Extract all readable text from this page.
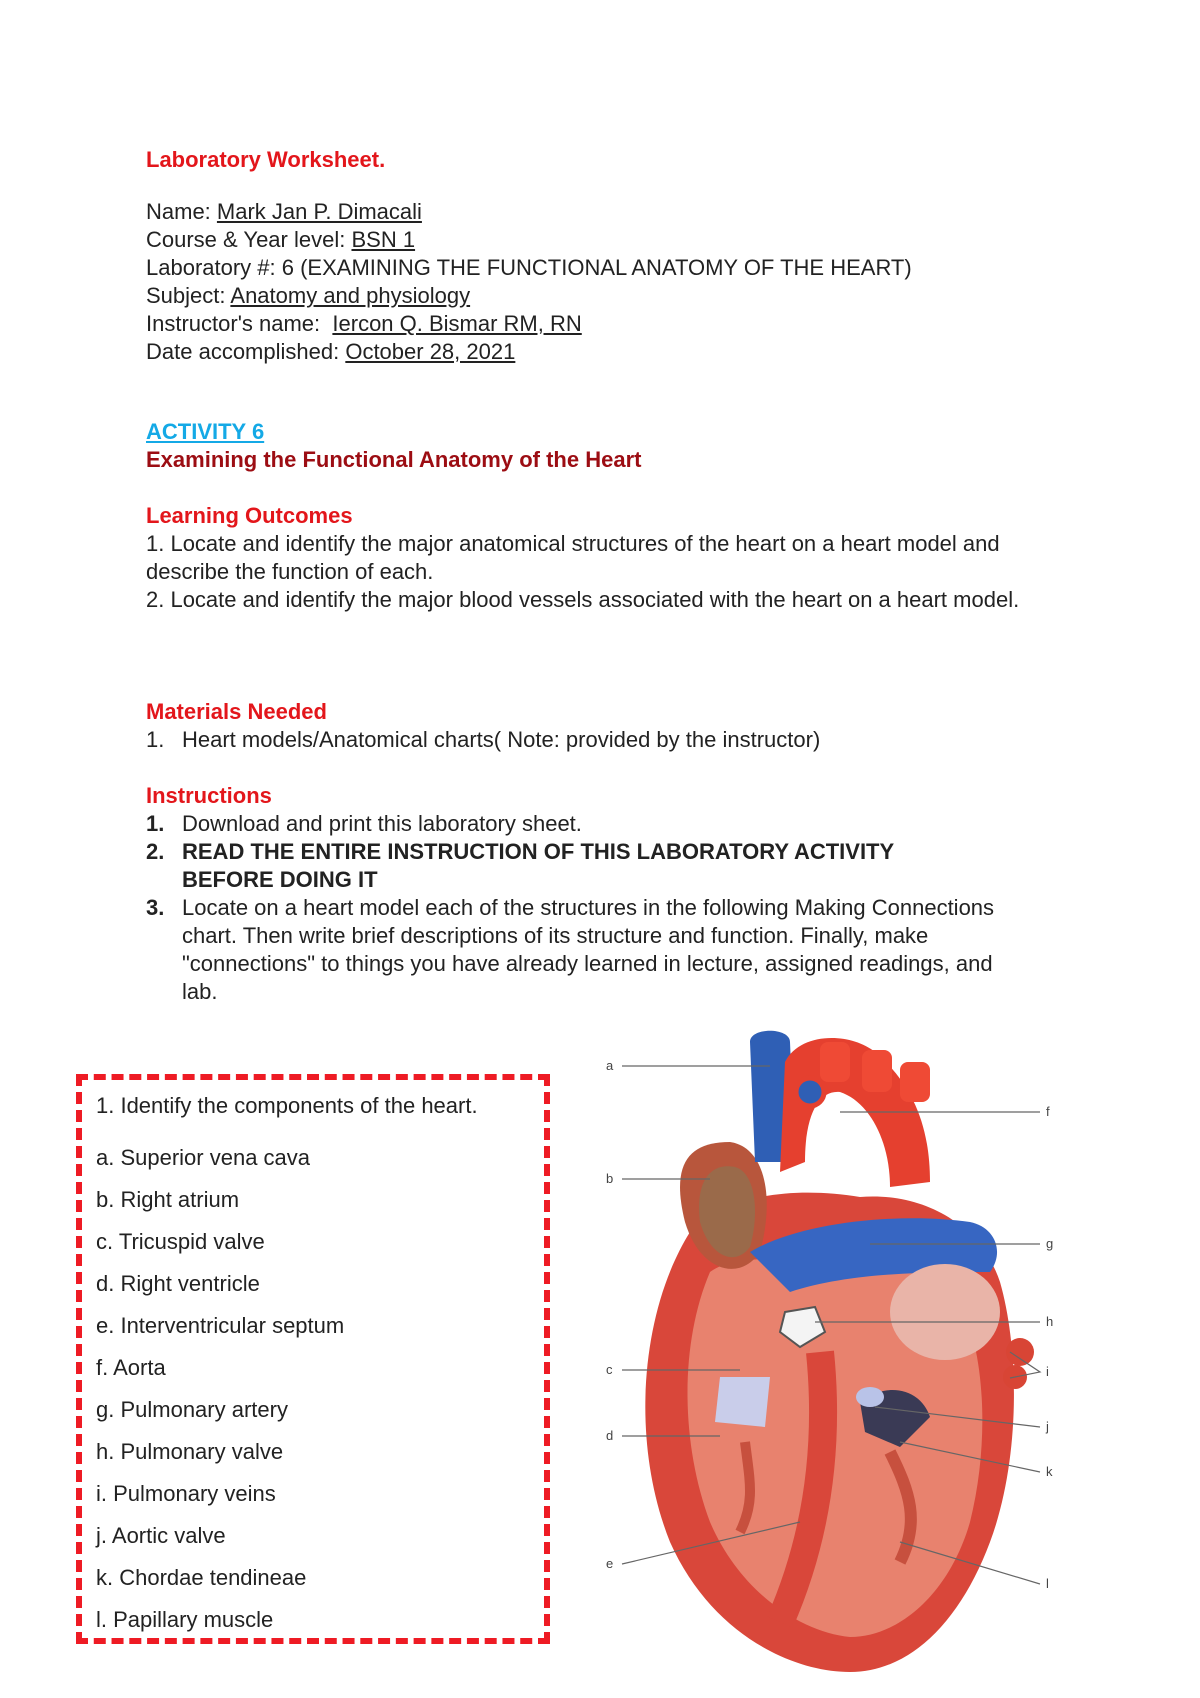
Laboratory Worksheet.
Name: Mark Jan P. Dimacali
Course & Year level: BSN 1
Laboratory #: 6 (EXAMINING THE FUNCTIONAL ANATOMY OF THE HEART)
Subject: Anatomy and physiology
Instructor's name:  Iercon Q. Bismar RM, RN
Date accomplished: October 28, 2021
ACTIVITY 6
Examining the Functional Anatomy of the Heart
Learning Outcomes
1. Locate and identify the major anatomical structures of the heart on a heart model and describe the function of each.
2. Locate and identify the major blood vessels associated with the heart on a heart model.
Materials Needed
1. Heart models/Anatomical charts( Note: provided by the instructor)
Instructions
1. Download and print this laboratory sheet.
2. READ THE ENTIRE INSTRUCTION OF THIS LABORATORY ACTIVITY BEFORE DOING IT
3. Locate on a heart model each of the structures in the following Making Connections chart. Then write brief descriptions of its structure and function. Finally, make "connections" to things you have already learned in lecture, assigned readings, and lab.
1. Identify the components of the heart.
a. Superior vena cava
b. Right atrium
c. Tricuspid valve
d. Right ventricle
e. Interventricular septum
f. Aorta
g. Pulmonary artery
h. Pulmonary valve
i. Pulmonary veins
j. Aortic valve
k. Chordae tendineae
l. Papillary muscle
a
b
c
d
e
f
g
h
i
j
k
l
